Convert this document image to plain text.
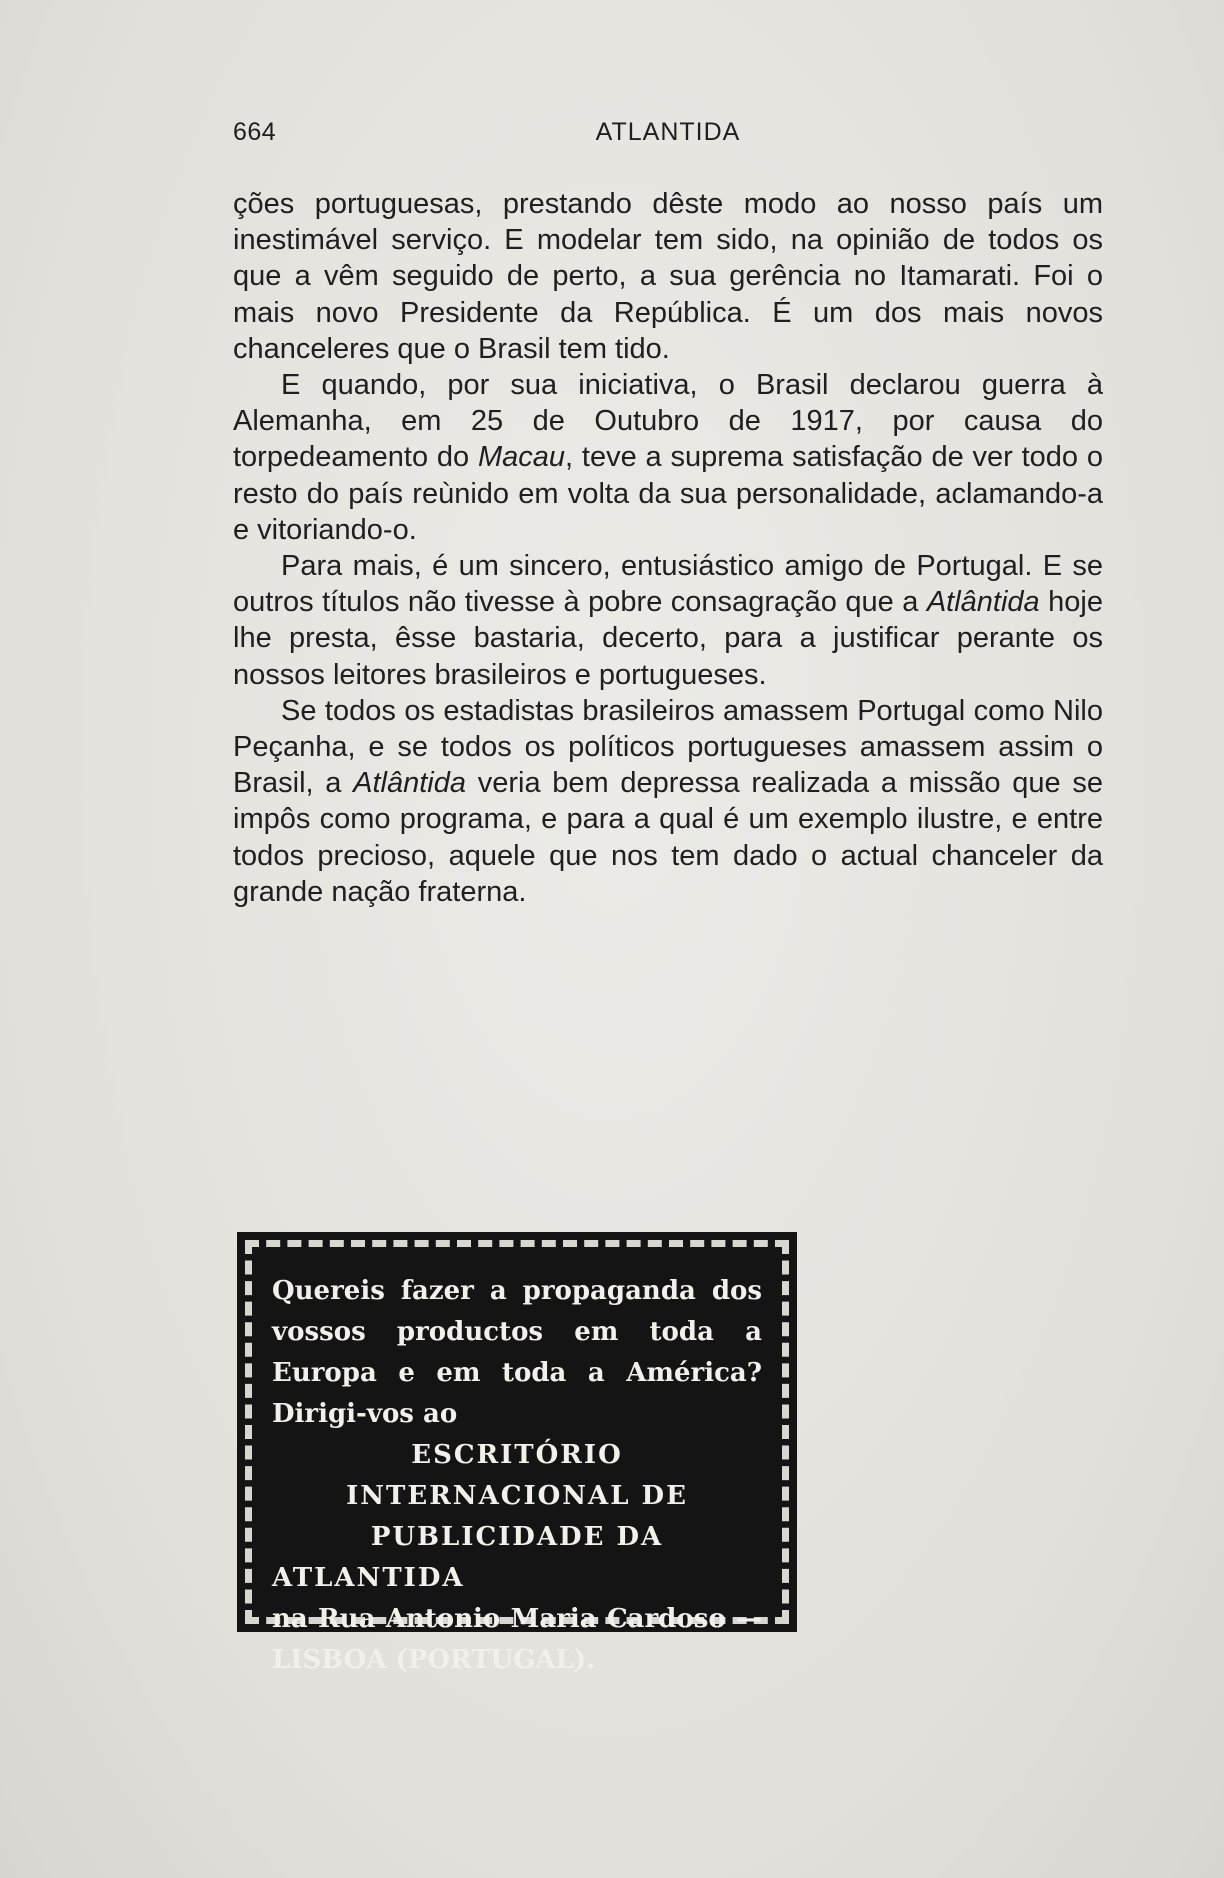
664	ATLANTIDA

ções portuguesas, prestando dêste modo ao nosso país um inestimável serviço. E modelar tem sido, na opinião de todos os que a vêm seguido de perto, a sua gerência no Itamarati. Foi o mais novo Presidente da República. É um dos mais novos chanceleres que o Brasil tem tido.

E quando, por sua iniciativa, o Brasil declarou guerra à Alemanha, em 25 de Outubro de 1917, por causa do torpedeamento do Macau, teve a suprema satisfação de ver todo o resto do país reùnido em volta da sua personalidade, aclamando-a e vitoriando-o.

Para mais, é um sincero, entusiástico amigo de Portugal. E se outros títulos não tivesse à pobre consagração que a Atlântida hoje lhe presta, êsse bastaria, decerto, para a justificar perante os nossos leitores brasileiros e portugueses.

Se todos os estadistas brasileiros amassem Portugal como Nilo Peçanha, e se todos os políticos portugueses amassem assim o Brasil, a Atlântida veria bem depressa realizada a missão que se impôs como programa, e para a qual é um exemplo ilustre, e entre todos precioso, aquele que nos tem dado o actual chanceler da grande nação fraterna.

Quereis fazer a propaganda dos vossos productos em toda a Europa e em toda a América? Dirigi-vos ao
ESCRITÓRIO INTERNACIONAL DE PUBLICIDADE DA ATLANTIDA
na Rua Antonio Maria Cardoso — LISBOA (PORTUGAL).
